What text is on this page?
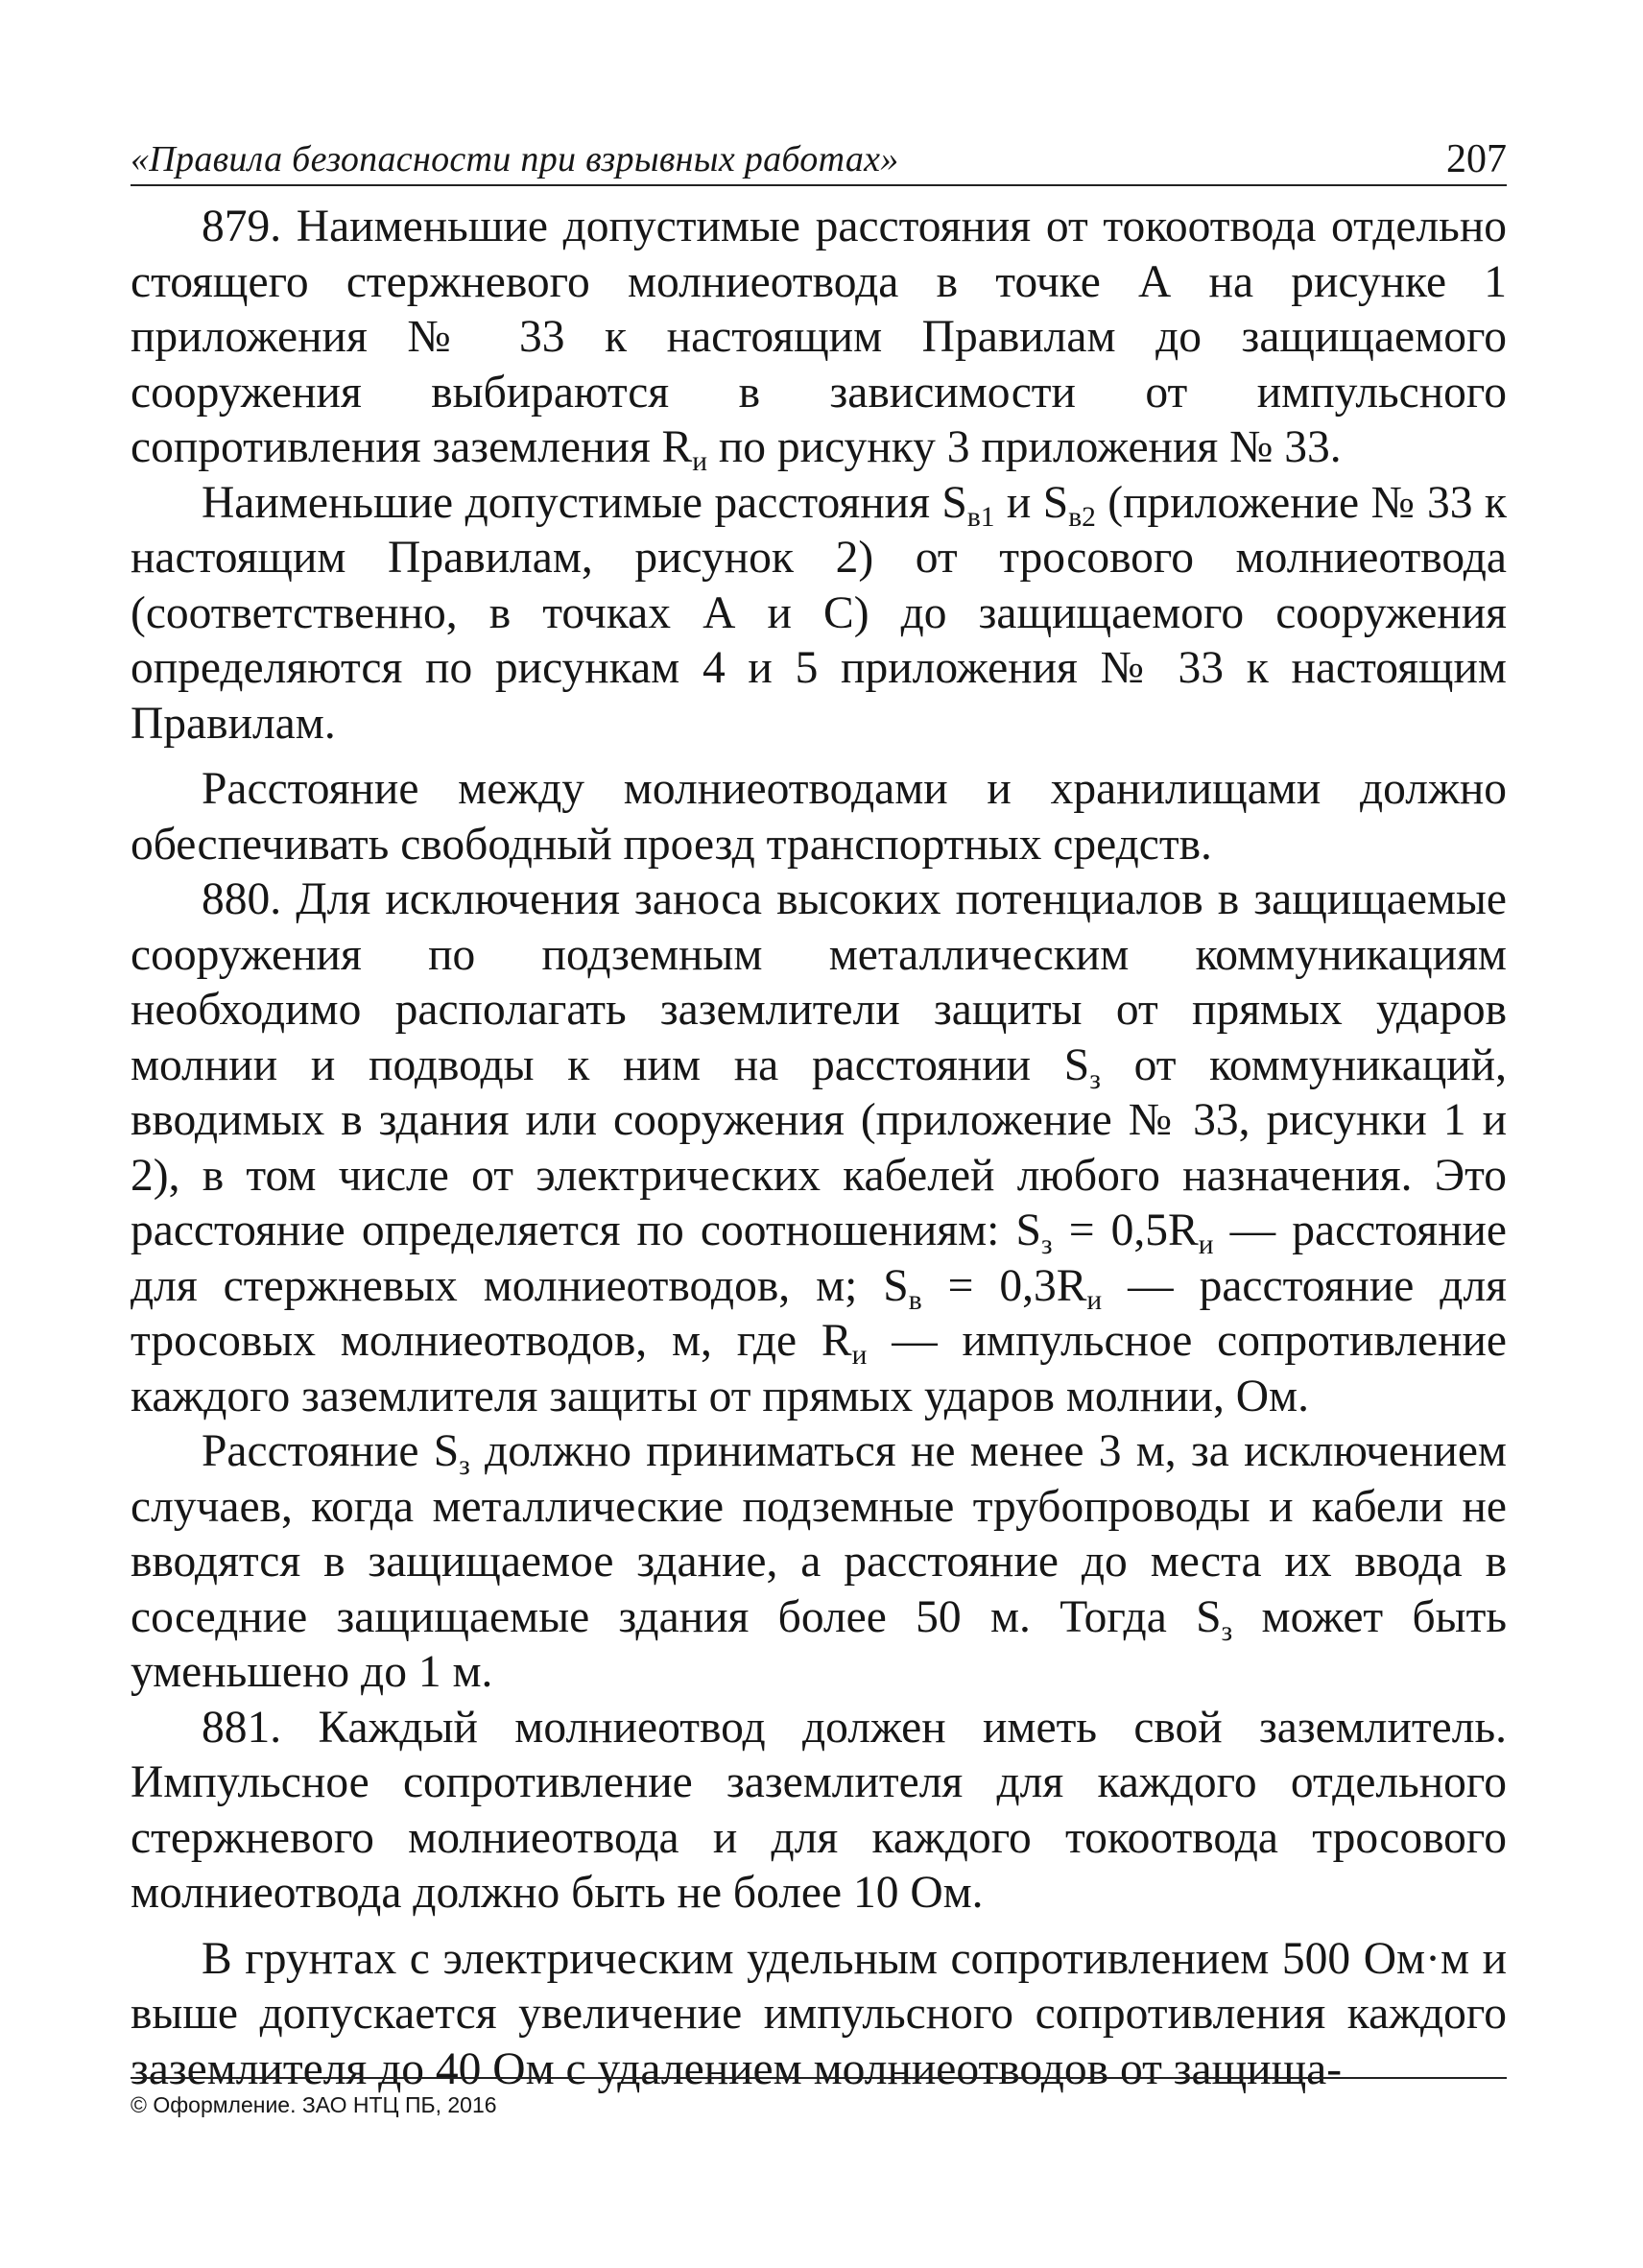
«Правила безопасности при взрывных работах»	207

879. Наименьшие допустимые расстояния от токоотвода отдельно стоящего стержневого молниеотвода в точке А на рисунке 1 приложения № 33 к настоящим Правилам до защищаемого сооружения выбираются в зависимости от импульсного сопротивления заземления $R_и$ по рисунку 3 приложения № 33.

Наименьшие допустимые расстояния $S_{в1}$ и $S_{в2}$ (приложение № 33 к настоящим Правилам, рисунок 2) от тросового молниеотвода (соответственно, в точках А и С) до защищаемого сооружения определяются по рисункам 4 и 5 приложения № 33 к настоящим Правилам.

Расстояние между молниеотводами и хранилищами должно обеспечивать свободный проезд транспортных средств.

880. Для исключения заноса высоких потенциалов в защищаемые сооружения по подземным металлическим коммуникациям необходимо располагать заземлители защиты от прямых ударов молнии и подводы к ним на расстоянии $S_з$ от коммуникаций, вводимых в здания или сооружения (приложение № 33, рисунки 1 и 2), в том числе от электрических кабелей любого назначения. Это расстояние определяется по соотношениям: $S_з = 0,5R_и$ — расстояние для стержневых молниеотводов, м; $S_в = 0,3R_и$ — расстояние для тросовых молниеотводов, м, где $R_и$ — импульсное сопротивление каждого заземлителя защиты от прямых ударов молнии, Ом.

Расстояние $S_з$ должно приниматься не менее 3 м, за исключением случаев, когда металлические подземные трубопроводы и кабели не вводятся в защищаемое здание, а расстояние до места их ввода в соседние защищаемые здания более 50 м. Тогда $S_з$ может быть уменьшено до 1 м.

881. Каждый молниеотвод должен иметь свой заземлитель. Импульсное сопротивление заземлителя для каждого отдельного стержневого молниеотвода и для каждого токоотвода тросового молниеотвода должно быть не более 10 Ом.

В грунтах с электрическим удельным сопротивлением 500 Ом·м и выше допускается увеличение импульсного сопротивления каждого заземлителя до 40 Ом с удалением молниеотводов от защища-

© Оформление. ЗАО НТЦ ПБ, 2016
